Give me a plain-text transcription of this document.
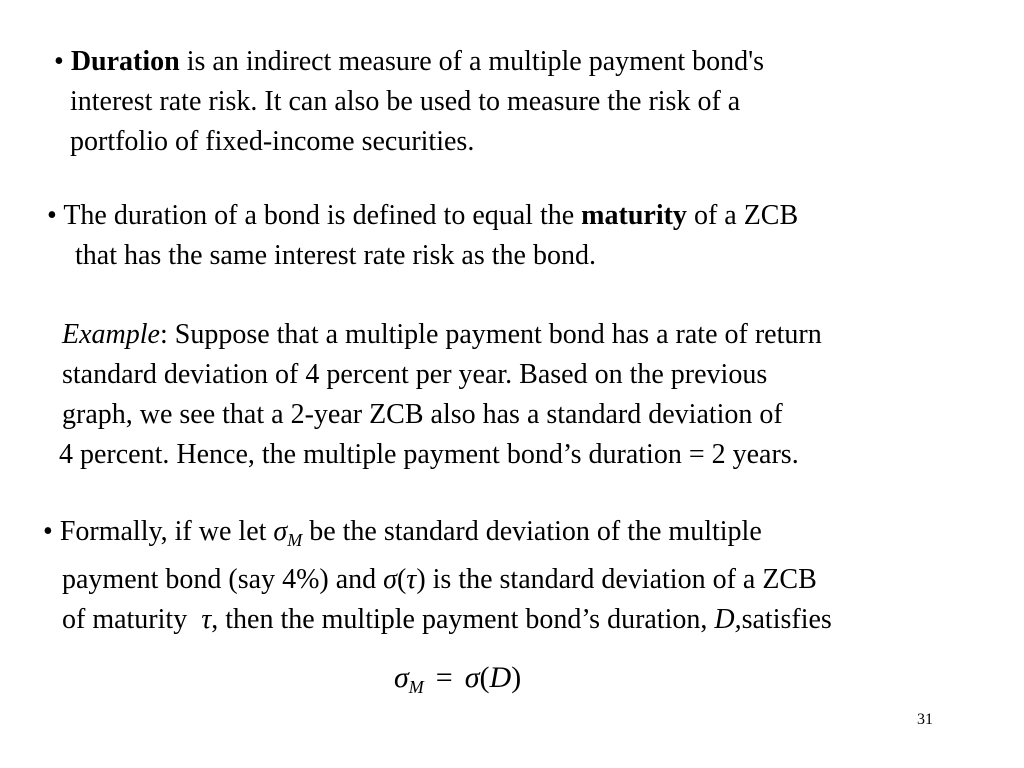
• Duration is an indirect measure of a multiple payment bond's
interest rate risk. It can also be used to measure the risk of a
portfolio of fixed-income securities.
• The duration of a bond is defined to equal the maturity of a ZCB
that has the same interest rate risk as the bond.
Example: Suppose that a multiple payment bond has a rate of return
standard deviation of 4 percent per year. Based on the previous
graph, we see that a 2-year ZCB also has a standard deviation of
4 percent. Hence, the multiple payment bond’s duration = 2 years.
• Formally, if we let $\sigma_M$ be the standard deviation of the multiple
payment bond (say 4%) and σ(τ) is the standard deviation of a ZCB
of maturity τ, then the multiple payment bond’s duration, D,satisfies
$\sigma_M = \sigma(D)$
31
